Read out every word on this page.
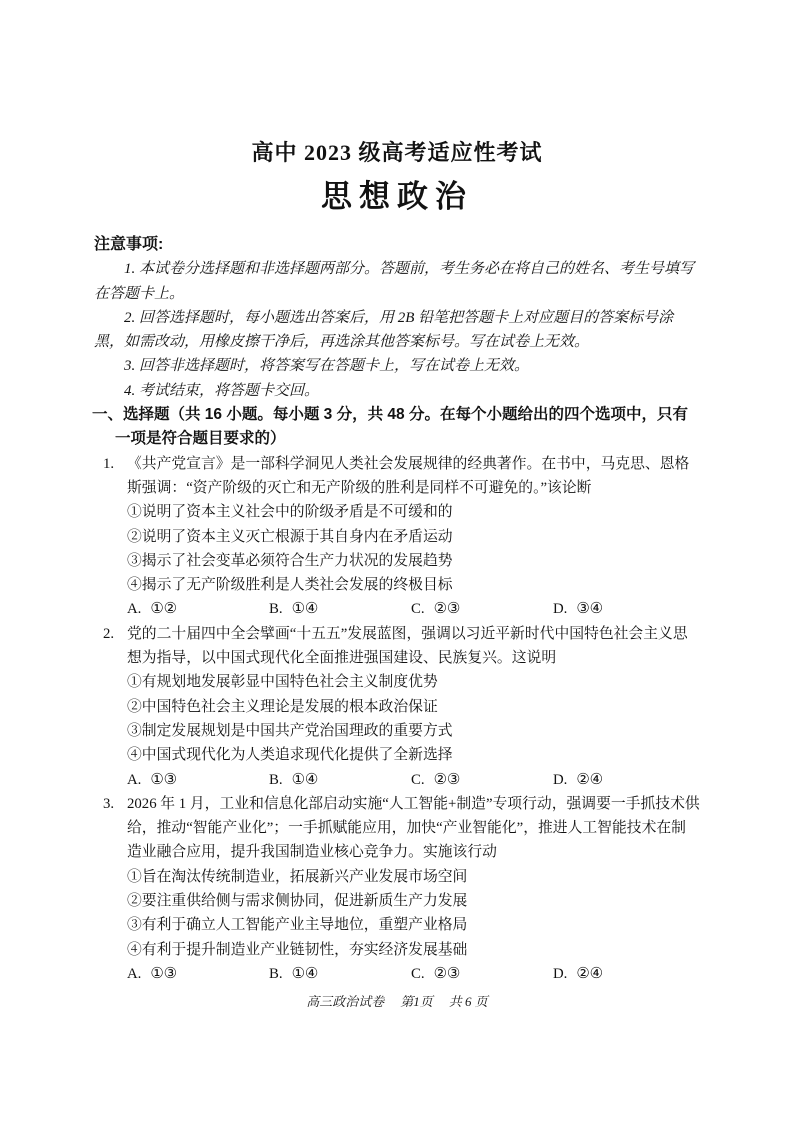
高中 2023 级高考适应性考试
思想政治
注意事项:

1. 本试卷分选择题和非选择题两部分。答题前，考生务必在将自己的姓名、考生号填写在答题卡上。

2. 回答选择题时，每小题选出答案后，用 2B 铅笔把答题卡上对应题目的答案标号涂黑，如需改动，用橡皮擦干净后，再选涂其他答案标号。写在试卷上无效。

3. 回答非选择题时，将答案写在答题卡上，写在试卷上无效。

4. 考试结束，将答题卡交回。

一、选择题（共 16 小题。每小题 3 分，共 48 分。在每个小题给出的四个选项中，只有一项是符合题目要求的）
1. 《共产党宣言》是一部科学洞见人类社会发展规律的经典著作。在书中，马克思、恩格斯强调：“资产阶级的灭亡和无产阶级的胜利是同样不可避免的。”该论断
①说明了资本主义社会中的阶级矛盾是不可缓和的
②说明了资本主义灭亡根源于其自身内在矛盾运动
③揭示了社会变革必须符合生产力状况的发展趋势
④揭示了无产阶级胜利是人类社会发展的终极目标
A. ①②	B. ①④	C. ②③	D. ③④
2. 党的二十届四中全会擘画“十五五”发展蓝图，强调以习近平新时代中国特色社会主义思想为指导，以中国式现代化全面推进强国建设、民族复兴。这说明
①有规划地发展彰显中国特色社会主义制度优势
②中国特色社会主义理论是发展的根本政治保证
③制定发展规划是中国共产党治国理政的重要方式
④中国式现代化为人类追求现代化提供了全新选择
A. ①③	B. ①④	C. ②③	D. ②④
3. 2026 年 1 月，工业和信息化部启动实施“人工智能+制造”专项行动，强调要一手抓技术供给，推动“智能产业化”；一手抓赋能应用，加快“产业智能化”，推进人工智能技术在制造业融合应用，提升我国制造业核心竞争力。实施该行动
①旨在淘汰传统制造业，拓展新兴产业发展市场空间
②要注重供给侧与需求侧协同，促进新质生产力发展
③有利于确立人工智能产业主导地位，重塑产业格局
④有利于提升制造业产业链韧性，夯实经济发展基础
A. ①③	B. ①④	C. ②③	D. ②④
高三政治试卷 第1页 共 6 页
